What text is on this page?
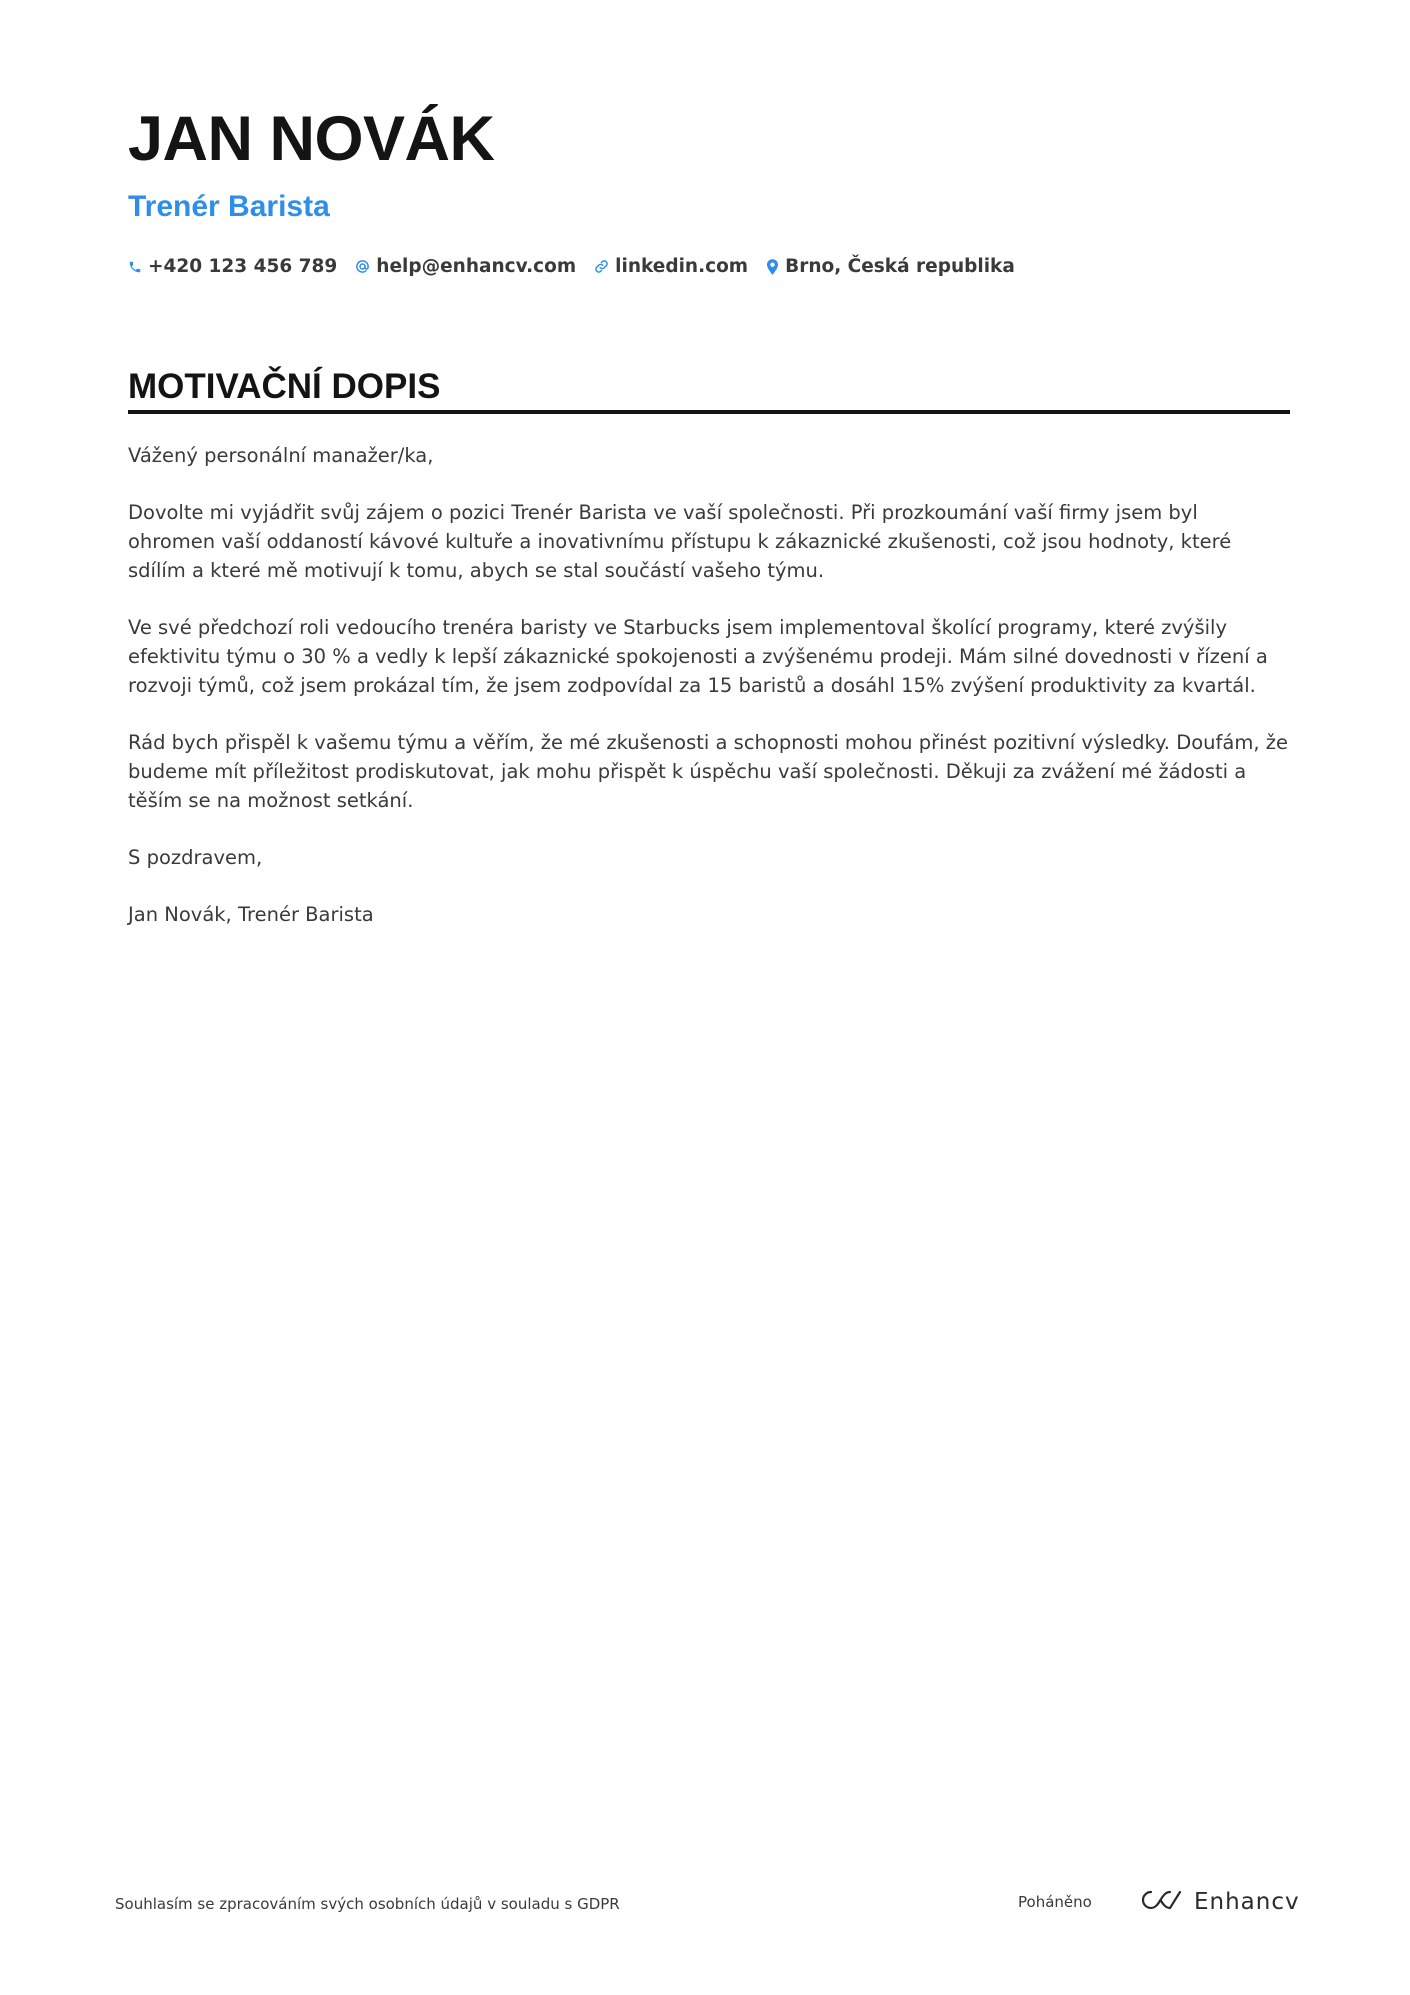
JAN NOVÁK
Trenér Barista
+420 123 456 789 help@enhancv.com linkedin.com Brno, Česká republika
MOTIVAČNÍ DOPIS

Vážený personální manažer/ka,

Dovolte mi vyjádřit svůj zájem o pozici Trenér Barista ve vaší společnosti. Při prozkoumání vaší firmy jsem byl ohromen vaší oddaností kávové kultuře a inovativnímu přístupu k zákaznické zkušenosti, což jsou hodnoty, které sdílím a které mě motivují k tomu, abych se stal součástí vašeho týmu.

Ve své předchozí roli vedoucího trenéra baristy ve Starbucks jsem implementoval školící programy, které zvýšily efektivitu týmu o 30 % a vedly k lepší zákaznické spokojenosti a zvýšenému prodeji. Mám silné dovednosti v řízení a rozvoji týmů, což jsem prokázal tím, že jsem zodpovídal za 15 baristů a dosáhl 15% zvýšení produktivity za kvartál.

Rád bych přispěl k vašemu týmu a věřím, že mé zkušenosti a schopnosti mohou přinést pozitivní výsledky. Doufám, že budeme mít příležitost prodiskutovat, jak mohu přispět k úspěchu vaší společnosti. Děkuji za zvážení mé žádosti a těším se na možnost setkání.

S pozdravem,

Jan Novák, Trenér Barista

Souhlasím se zpracováním svých osobních údajů v souladu s GDPR	Poháněno	Enhancv
